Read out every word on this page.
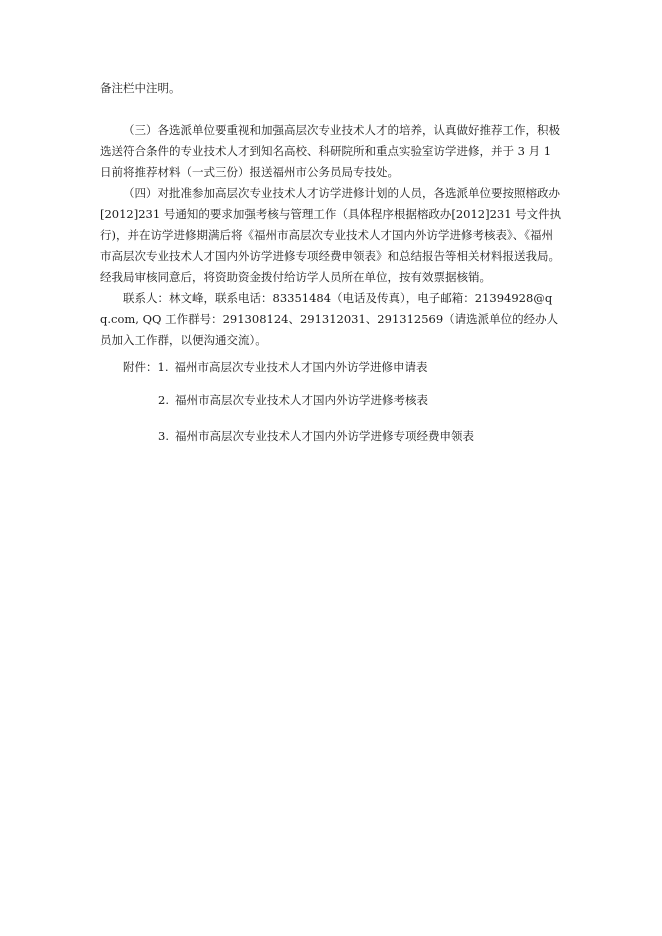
备注栏中注明。

（三）各选派单位要重视和加强高层次专业技术人才的培养，认真做好推荐工作，积极选送符合条件的专业技术人才到知名高校、科研院所和重点实验室访学进修，并于 3 月 1 日前将推荐材料（一式三份）报送福州市公务员局专技处。

（四）对批准参加高层次专业技术人才访学进修计划的人员，各选派单位要按照榕政办[2012]231 号通知的要求加强考核与管理工作（具体程序根据榕政办[2012]231 号文件执行)，并在访学进修期满后将《福州市高层次专业技术人才国内外访学进修考核表》、《福州市高层次专业技术人才国内外访学进修专项经费申领表》和总结报告等相关材料报送我局。经我局审核同意后，将资助资金拨付给访学人员所在单位，按有效票据核销。

联系人：林文峰，联系电话：83351484（电话及传真），电子邮箱：21394928@qq.com, QQ 工作群号：291308124、291312031、291312569（请选派单位的经办人员加入工作群，以便沟通交流）。

附件：1. 福州市高层次专业技术人才国内外访学进修申请表
2. 福州市高层次专业技术人才国内外访学进修考核表
3. 福州市高层次专业技术人才国内外访学进修专项经费申领表
